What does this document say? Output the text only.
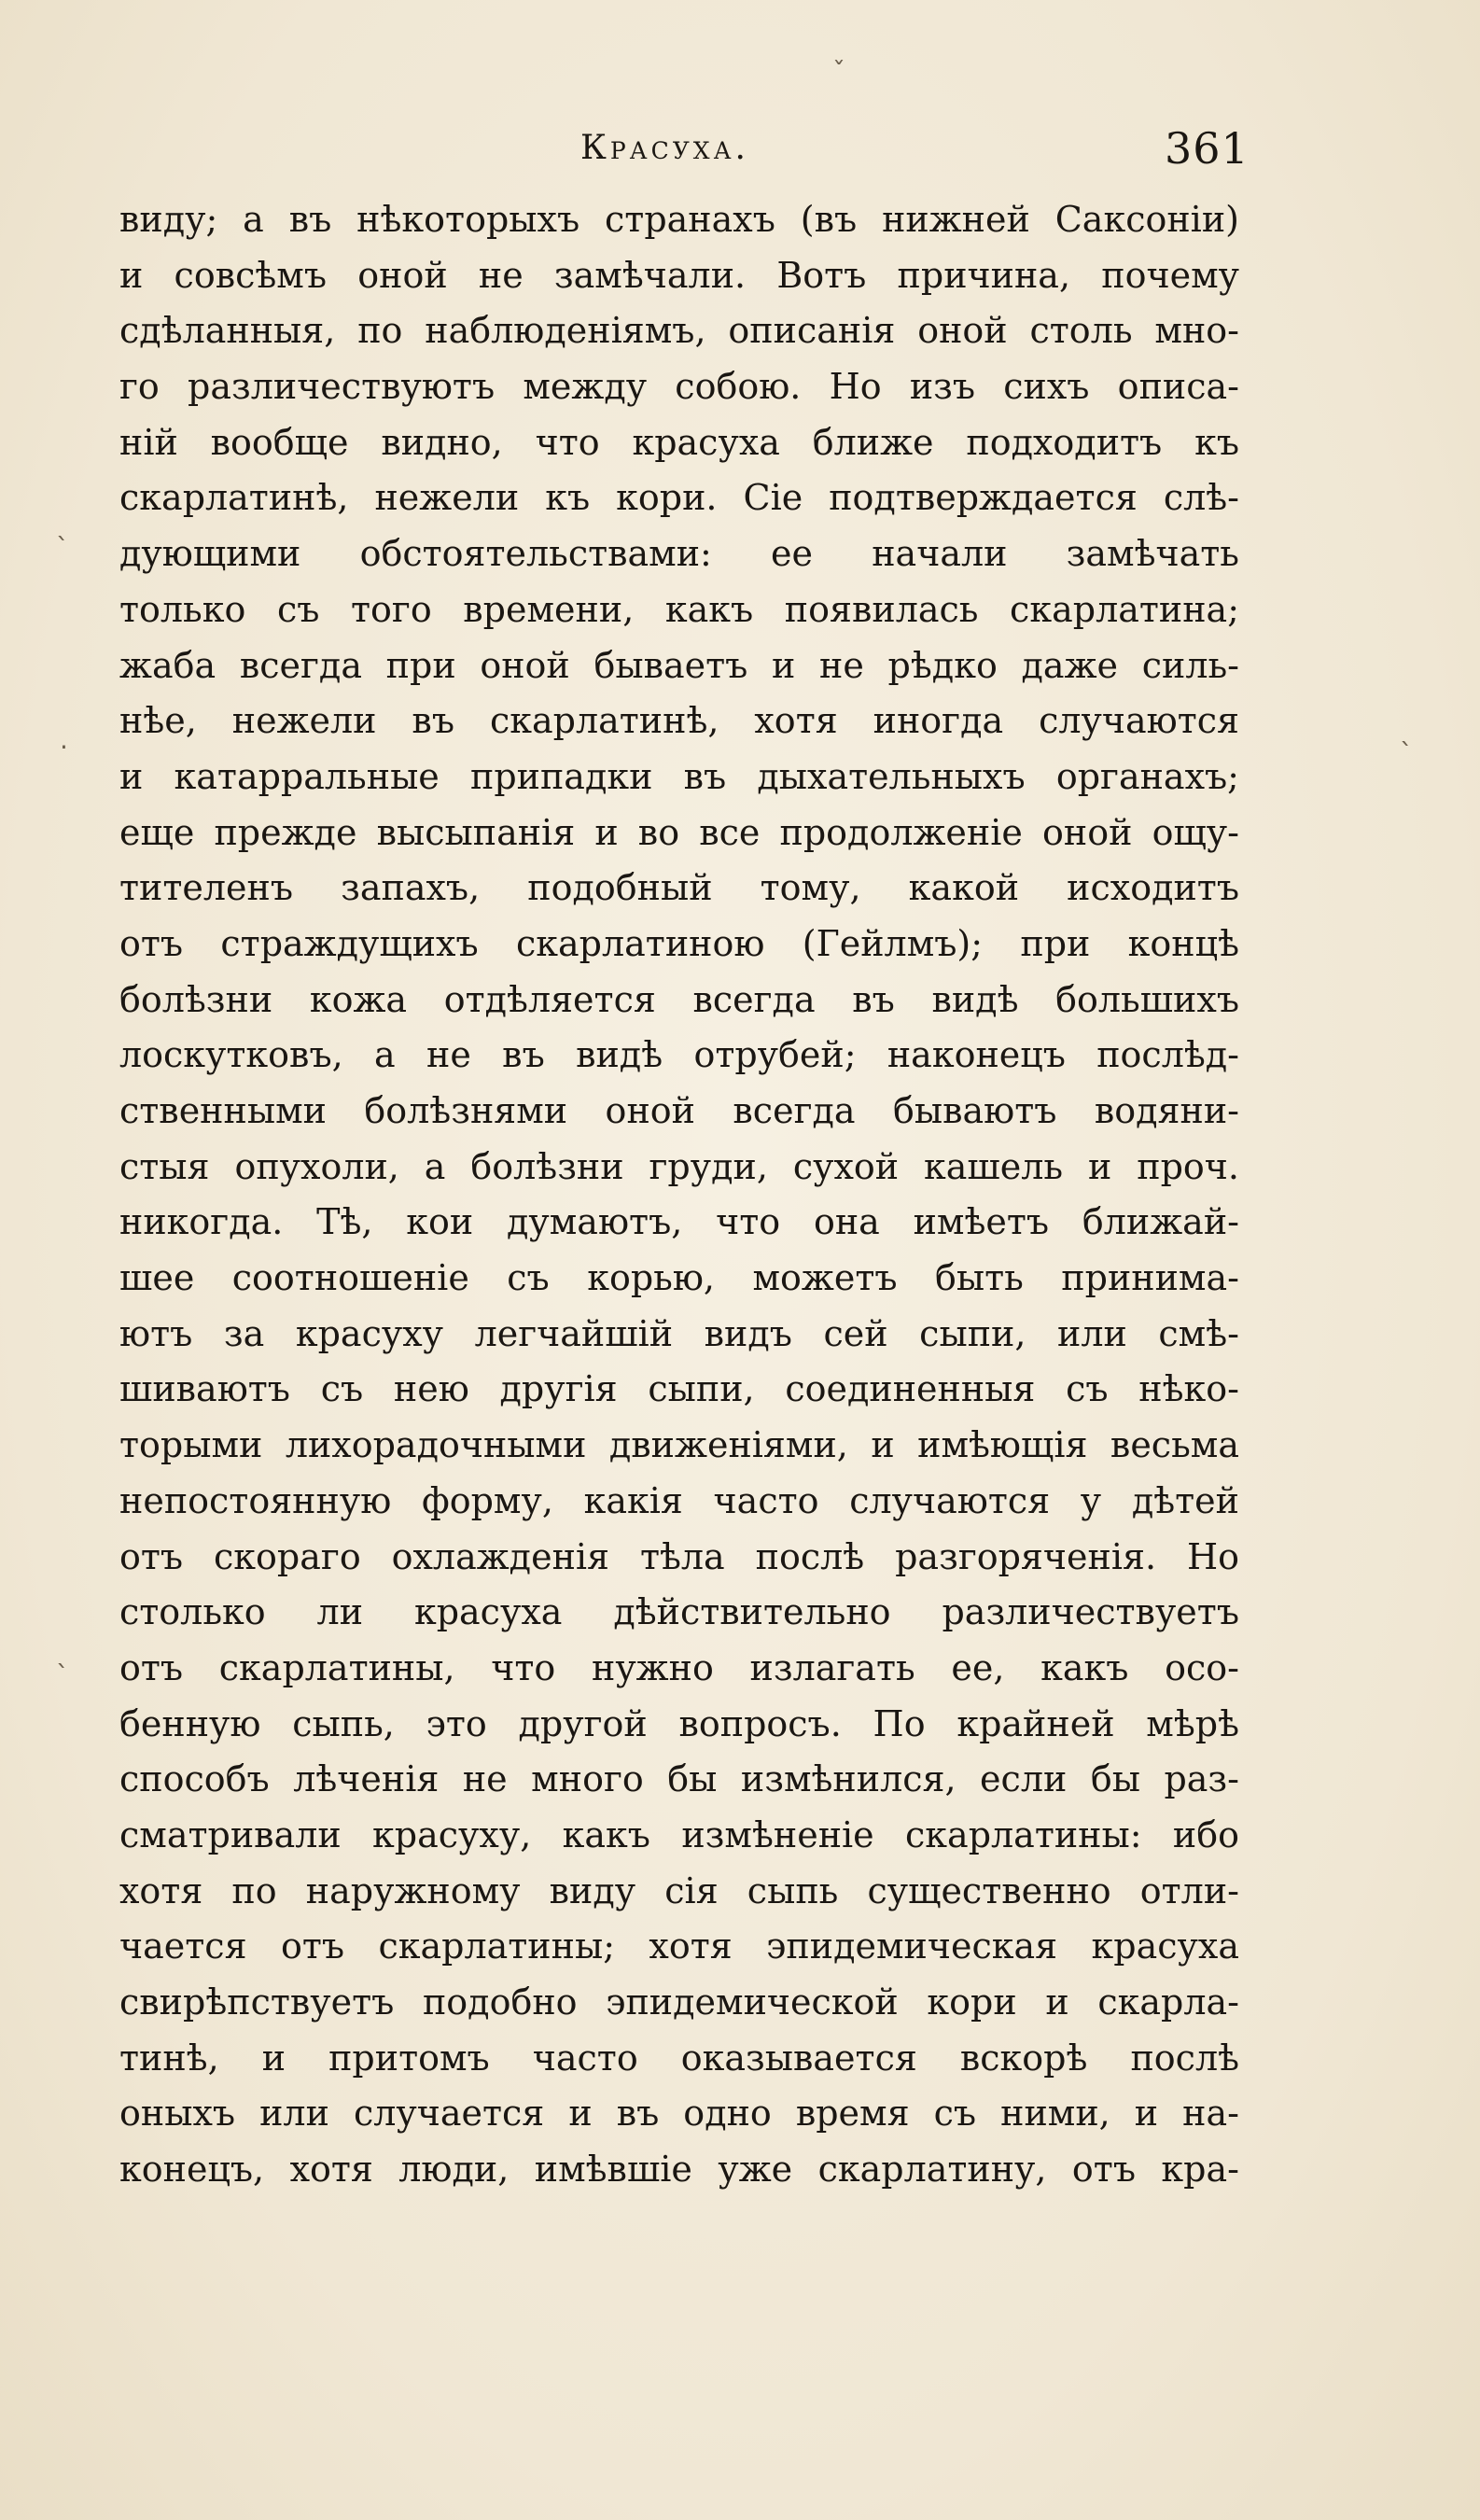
Красуха.	361
виду; а въ нѣкоторыхъ странахъ (въ нижней Саксоніи)
и совсѣмъ оной не замѣчали. Вотъ причина, почему
сдѣланныя, по наблюденіямъ, описанія оной столь мно-
го различествуютъ между собою. Но изъ сихъ описа-
ній вообще видно, что красуха ближе подходитъ къ
скарлатинѣ, нежели къ кори. Сіе подтверждается слѣ-
дующими обстоятельствами: ее начали замѣчать
только съ того времени, какъ появилась скарлатина;
жаба всегда при оной бываетъ и не рѣдко даже силь-
нѣе, нежели въ скарлатинѣ, хотя иногда случаются
и катарральные припадки въ дыхательныхъ органахъ;
еще прежде высыпанія и во все продолженіе оной ощу-
тителенъ запахъ, подобный тому, какой исходитъ
отъ страждущихъ скарлатиною (Гейлмъ); при концѣ
болѣзни кожа отдѣляется всегда въ видѣ большихъ
лоскутковъ, а не въ видѣ отрубей; наконецъ послѣд-
ственными болѣзнями оной всегда бываютъ водяни-
стыя опухоли, а болѣзни груди, сухой кашель и проч.
никогда. Тѣ, кои думаютъ, что она имѣетъ ближай-
шее соотношеніе съ корью, можетъ быть принима-
ютъ за красуху легчайшій видъ сей сыпи, или смѣ-
шиваютъ съ нею другія сыпи, соединенныя съ нѣко-
торыми лихорадочными движеніями, и имѣющія весьма
непостоянную форму, какія часто случаются у дѣтей
отъ скораго охлажденія тѣла послѣ разгоряченія. Но
столько ли красуха дѣйствительно различествуетъ
отъ скарлатины, что нужно излагать ее, какъ осо-
бенную сыпь, это другой вопросъ. По крайней мѣрѣ
способъ лѣченія не много бы измѣнился, если бы раз-
сматривали красуху, какъ измѣненіе скарлатины: ибо
хотя по наружному виду сія сыпь существенно отли-
чается отъ скарлатины; хотя эпидемическая красуха
свирѣпствуетъ подобно эпидемической кори и скарла-
тинѣ, и притомъ часто оказывается вскорѣ послѣ
оныхъ или случается и въ одно время съ ними, и на-
конецъ, хотя люди, имѣвшіе уже скарлатину, отъ кра-
ˋ
·	ˋ
ˋ
ˇ
